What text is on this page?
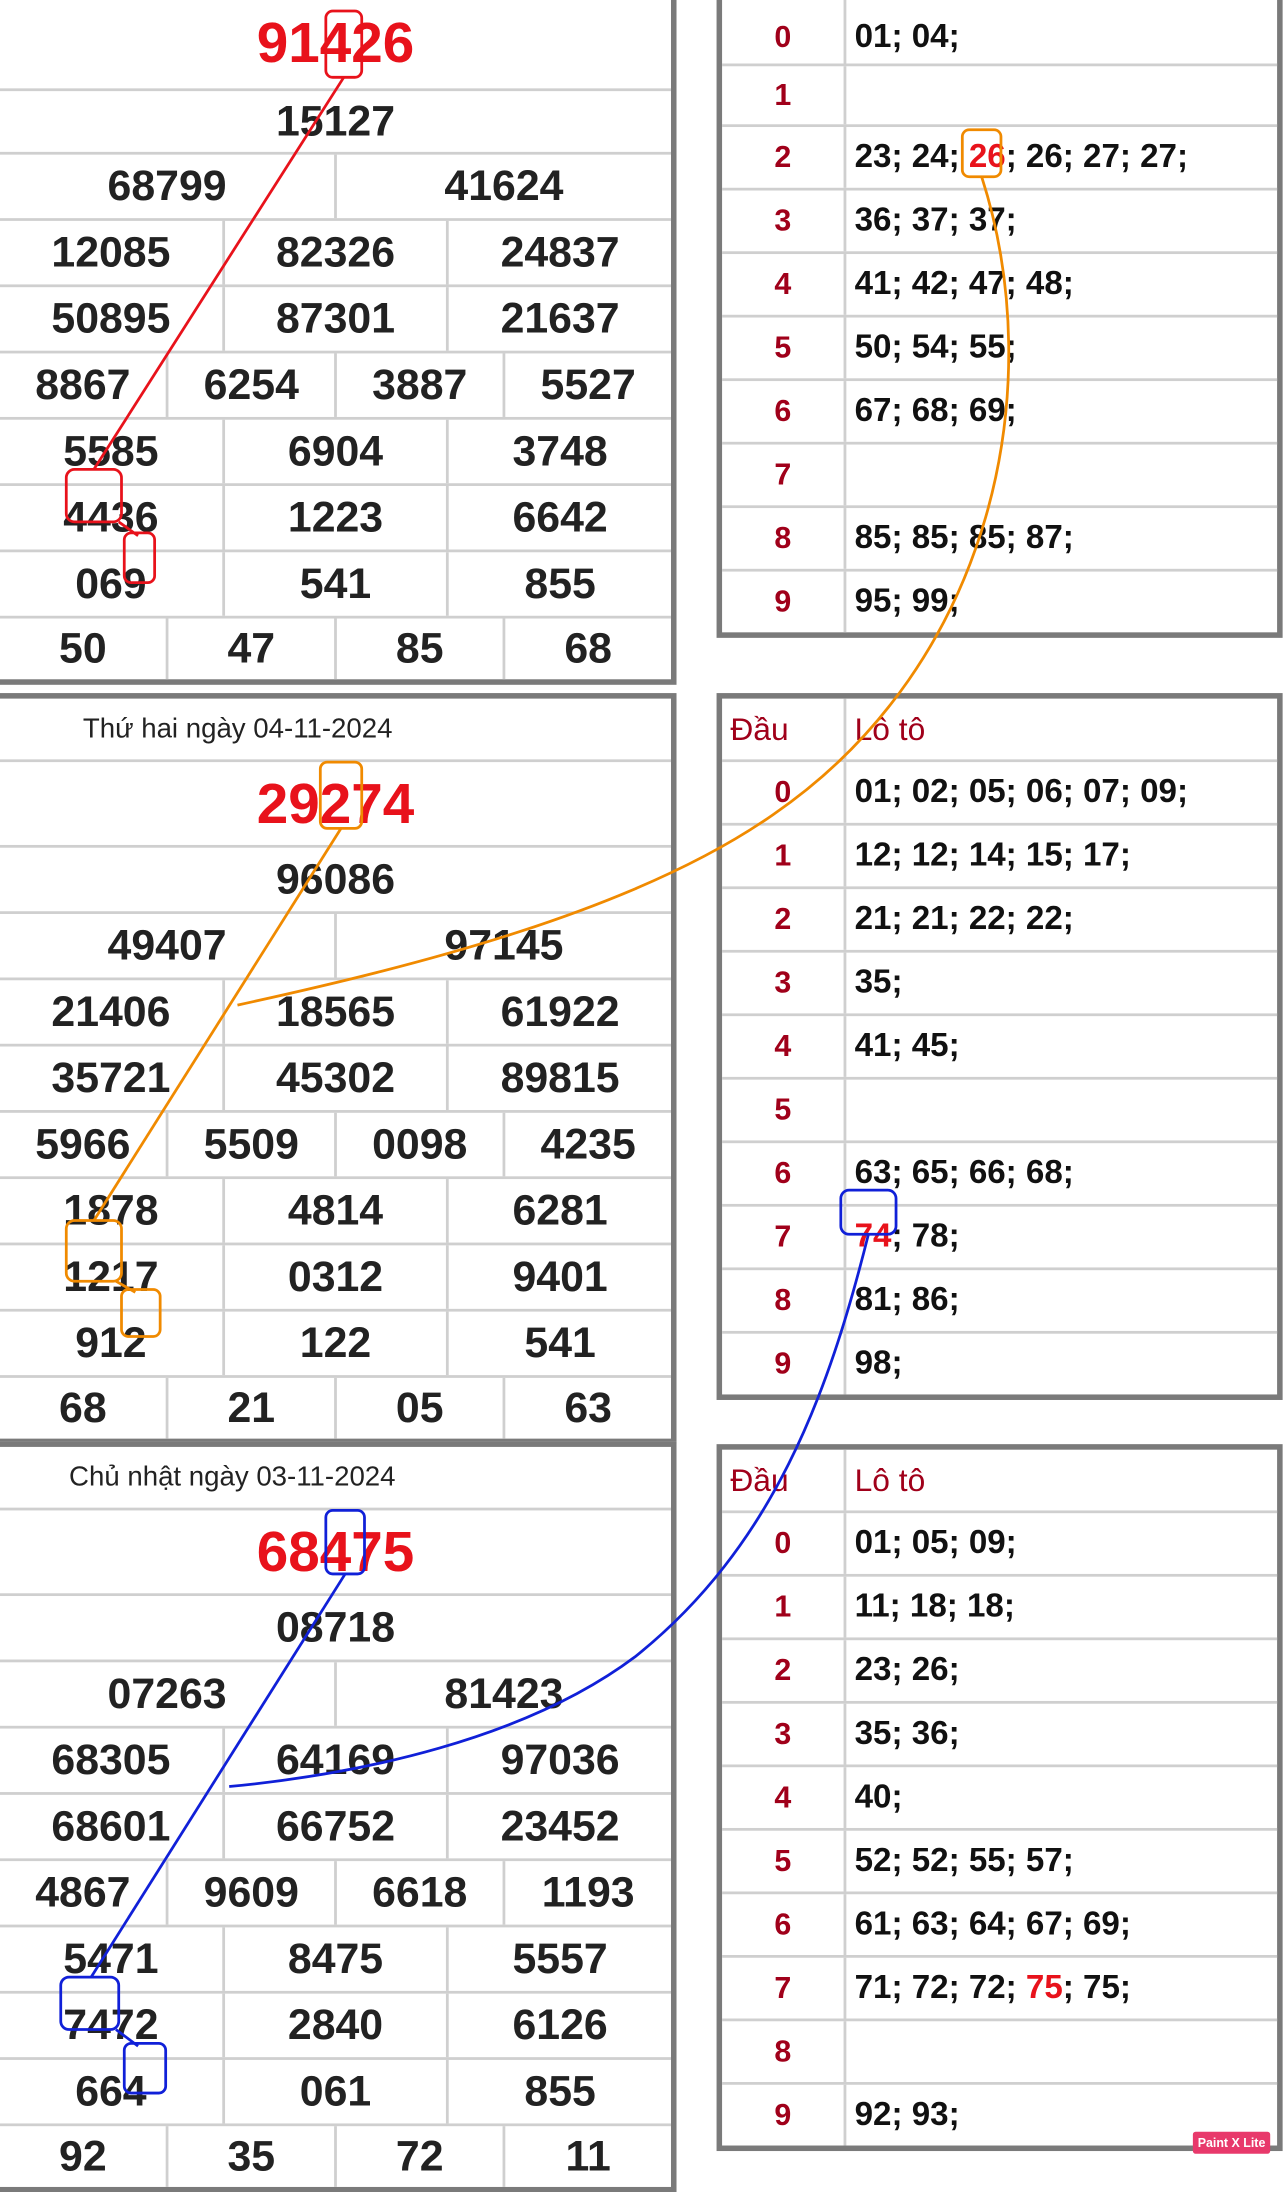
91426
15127
68799	41624
12085	82326	24837
50895	87301	21637
8867	6254	3887	5527
5585	6904	3748
4436	1223	6642
069	541	855
50	47	85	68
Thứ hai ngày 04-11-2024
29274
96086
49407	97145
21406	18565	61922
35721	45302	89815
5966	5509	0098	4235
1878	4814	6281
1217	0312	9401
912	122	541
68	21	05	63
Chủ nhật ngày 03-11-2024
68475
08718
07263	81423
68305	64169	97036
68601	66752	23452
4867	9609	6618	1193
5471	8475	5557
7472	2840	6126
664	061	855
92	35	72	11
0	01; 04;
1
2	23; 24; 26; 26; 27; 27;
3	36; 37; 37;
4	41; 42; 47; 48;
5	50; 54; 55;
6	67; 68; 69;
7
8	85; 85; 85; 87;
9	95; 99;
Đầu	Lô tô
0	01; 02; 05; 06; 07; 09;
1	12; 12; 14; 15; 17;
2	21; 21; 22; 22;
3	35;
4	41; 45;
5
6	63; 65; 66; 68;
7	74; 78;
8	81; 86;
9	98;
Đầu	Lô tô
0	01; 05; 09;
1	11; 18; 18;
2	23; 26;
3	35; 36;
4	40;
5	52; 52; 55; 57;
6	61; 63; 64; 67; 69;
7	71; 72; 72; 75; 75;
8
9	92; 93;
Paint X Lite
